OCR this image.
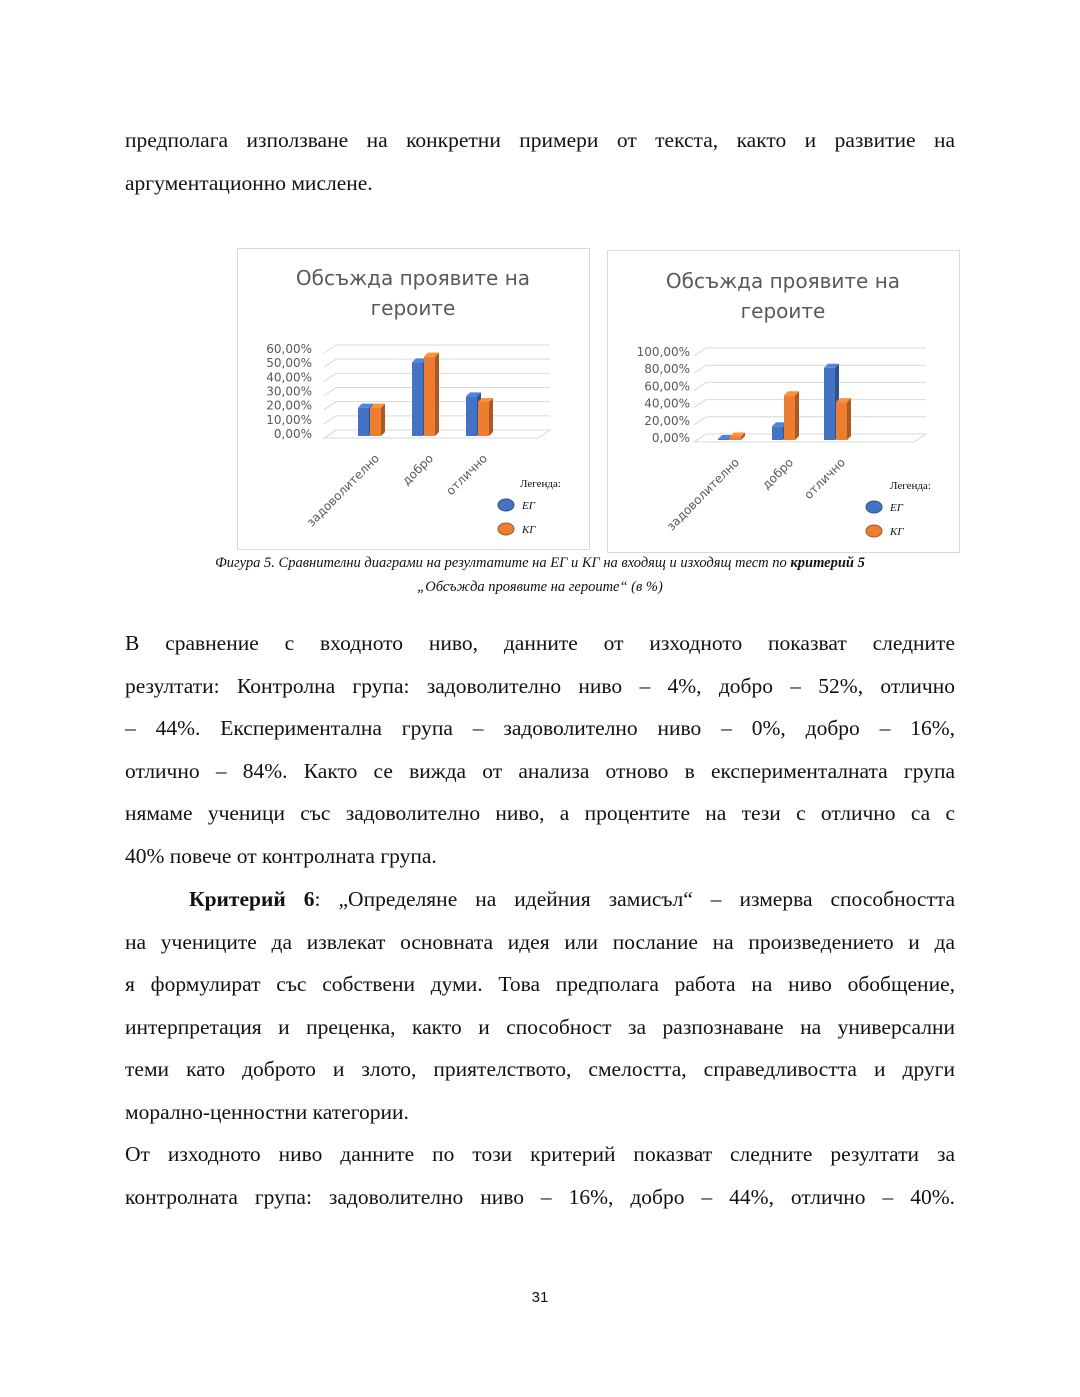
предполага използване на конкретни примери от текста, както и развитие на
аргументационно мислене.
Обсъжда проявите на
героите
0,00%
10,00%
20,00%
30,00%
40,00%
50,00%
60,00%
задоволително добро отлично	Легенда:
ЕГ
КГ
Обсъжда проявите на
героите
0,00%
20,00%
40,00%
60,00%
80,00%
100,00%
задоволително добро отлично	Легенда:
ЕГ
КГ
Фигура 5. Сравнителни диаграми на резултатите на ЕГ и КГ на входящ и изходящ тест по критерий 5
„Обсъжда проявите на героите“ (в %)
В сравнение с входното ниво, данните от изходното показват следните
резултати: Контролна група: задоволително ниво – 4%, добро – 52%, отлично
– 44%. Експериментална група – задоволително ниво – 0%, добро – 16%,
отлично – 84%. Както се вижда от анализа отново в експерименталната група
нямаме ученици със задоволително ниво, а процентите на тези с отлично са с
40% повече от контролната група.
Критерий 6: „Определяне на идейния замисъл“ – измерва способността
на учениците да извлекат основната идея или послание на произведението и да
я формулират със собствени думи. Това предполага работа на ниво обобщение,
интерпретация и преценка, както и способност за разпознаване на универсални
теми като доброто и злото, приятелството, смелостта, справедливостта и други
морално-ценностни категории.
От изходното ниво данните по този критерий показват следните резултати за
контролната група: задоволително ниво – 16%, добро – 44%, отлично – 40%.
31
